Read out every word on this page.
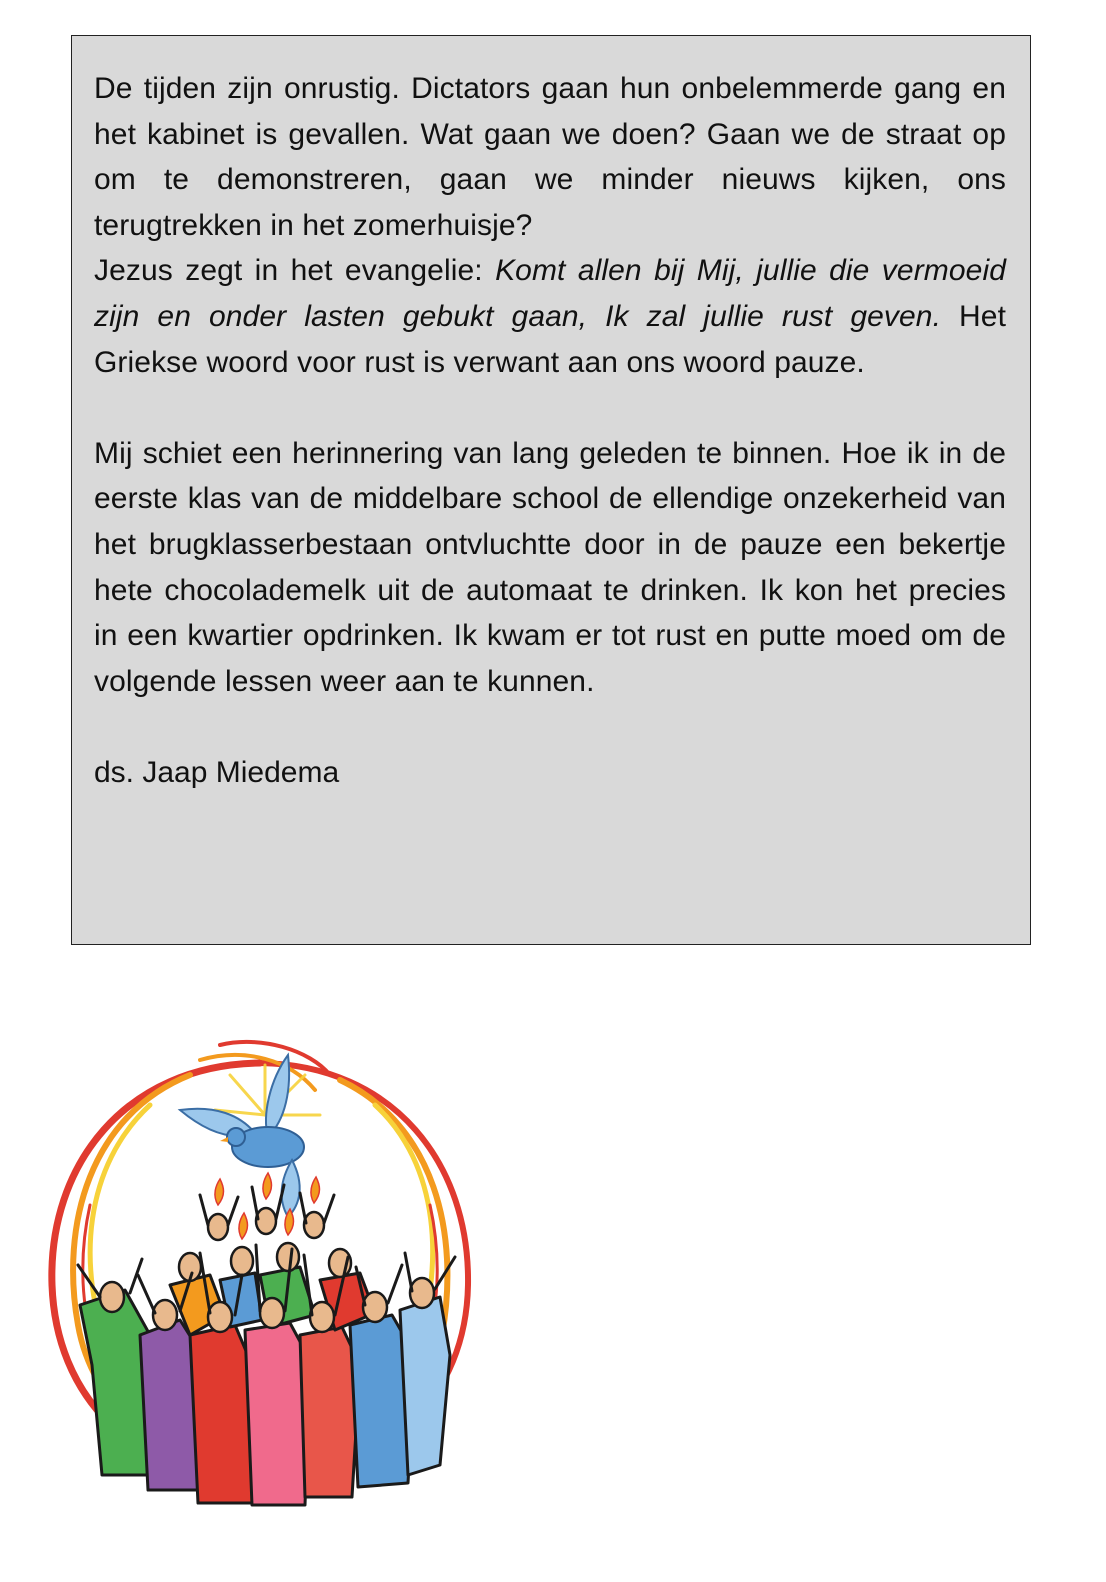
De tijden zijn onrustig. Dictators gaan hun onbelemmerde gang en het kabinet is gevallen. Wat gaan we doen? Gaan we de straat op om te demonstreren, gaan we minder nieuws kijken, ons terugtrekken in het zomerhuisje?

Jezus zegt in het evangelie: Komt allen bij Mij, jullie die vermoeid zijn en onder lasten gebukt gaan, Ik zal jullie rust geven. Het Griekse woord voor rust is verwant aan ons woord pauze.

Mij schiet een herinnering van lang geleden te binnen. Hoe ik in de eerste klas van de middelbare school de ellendige onzekerheid van het brugklasserbestaan ontvluchtte door in de pauze een bekertje hete chocolademelk uit de automaat te drinken. Ik kon het precies in een kwartier opdrinken. Ik kwam er tot rust en putte moed om de volgende lessen weer aan te kunnen.

ds. Jaap Miedema
